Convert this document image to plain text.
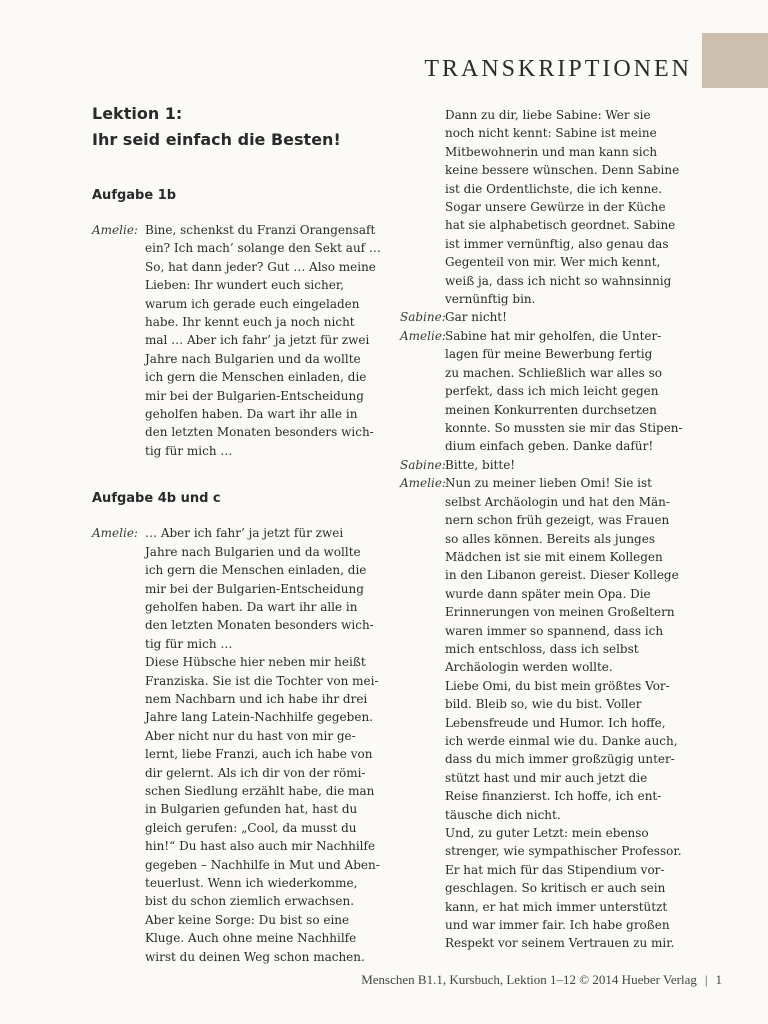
TRANSKRIPTIONEN
Lektion 1:
Ihr seid einfach die Besten!
Aufgabe 1b
Amelie: Bine, schenkst du Franzi Orangensaft
ein? Ich mach’ solange den Sekt auf …
So, hat dann jeder? Gut … Also meine
Lieben: Ihr wundert euch sicher,
warum ich gerade euch eingeladen
habe. Ihr kennt euch ja noch nicht
mal … Aber ich fahr’ ja jetzt für zwei
Jahre nach Bulgarien und da wollte
ich gern die Menschen einladen, die
mir bei der Bulgarien-Entscheidung
geholfen haben. Da wart ihr alle in
den letzten Monaten besonders wich-
tig für mich …
Aufgabe 4b und c
Amelie: … Aber ich fahr’ ja jetzt für zwei
Jahre nach Bulgarien und da wollte
ich gern die Menschen einladen, die
mir bei der Bulgarien-Entscheidung
geholfen haben. Da wart ihr alle in
den letzten Monaten besonders wich-
tig für mich …
Diese Hübsche hier neben mir heißt
Franziska. Sie ist die Tochter von mei-
nem Nachbarn und ich habe ihr drei
Jahre lang Latein-Nachhilfe gegeben.
Aber nicht nur du hast von mir ge-
lernt, liebe Franzi, auch ich habe von
dir gelernt. Als ich dir von der römi-
schen Siedlung erzählt habe, die man
in Bulgarien gefunden hat, hast du
gleich gerufen: „Cool, da musst du
hin!“ Du hast also auch mir Nachhilfe
gegeben – Nachhilfe in Mut und Aben-
teuerlust. Wenn ich wiederkomme,
bist du schon ziemlich erwachsen.
Aber keine Sorge: Du bist so eine
Kluge. Auch ohne meine Nachhilfe
wirst du deinen Weg schon machen.
Dann zu dir, liebe Sabine: Wer sie
noch nicht kennt: Sabine ist meine
Mitbewohnerin und man kann sich
keine bessere wünschen. Denn Sabine
ist die Ordentlichste, die ich kenne.
Sogar unsere Gewürze in der Küche
hat sie alphabetisch geordnet. Sabine
ist immer vernünftig, also genau das
Gegenteil von mir. Wer mich kennt,
weiß ja, dass ich nicht so wahnsinnig
vernünftig bin.
Sabine: Gar nicht!
Amelie: Sabine hat mir geholfen, die Unter-
lagen für meine Bewerbung fertig
zu machen. Schließlich war alles so
perfekt, dass ich mich leicht gegen
meinen Konkurrenten durchsetzen
konnte. So mussten sie mir das Stipen-
dium einfach geben. Danke dafür!
Sabine: Bitte, bitte!
Amelie: Nun zu meiner lieben Omi! Sie ist
selbst Archäologin und hat den Män-
nern schon früh gezeigt, was Frauen
so alles können. Bereits als junges
Mädchen ist sie mit einem Kollegen
in den Libanon gereist. Dieser Kollege
wurde dann später mein Opa. Die
Erinnerungen von meinen Großeltern
waren immer so spannend, dass ich
mich entschloss, dass ich selbst
Archäologin werden wollte.
Liebe Omi, du bist mein größtes Vor-
bild. Bleib so, wie du bist. Voller
Lebensfreude und Humor. Ich hoffe,
ich werde einmal wie du. Danke auch,
dass du mich immer großzügig unter-
stützt hast und mir auch jetzt die
Reise finanzierst. Ich hoffe, ich ent-
täusche dich nicht.
Und, zu guter Letzt: mein ebenso
strenger, wie sympathischer Professor.
Er hat mich für das Stipendium vor-
geschlagen. So kritisch er auch sein
kann, er hat mich immer unterstützt
und war immer fair. Ich habe großen
Respekt vor seinem Vertrauen zu mir.
Menschen B1.1, Kursbuch, Lektion 1–12 © 2014 Hueber Verlag | 1
